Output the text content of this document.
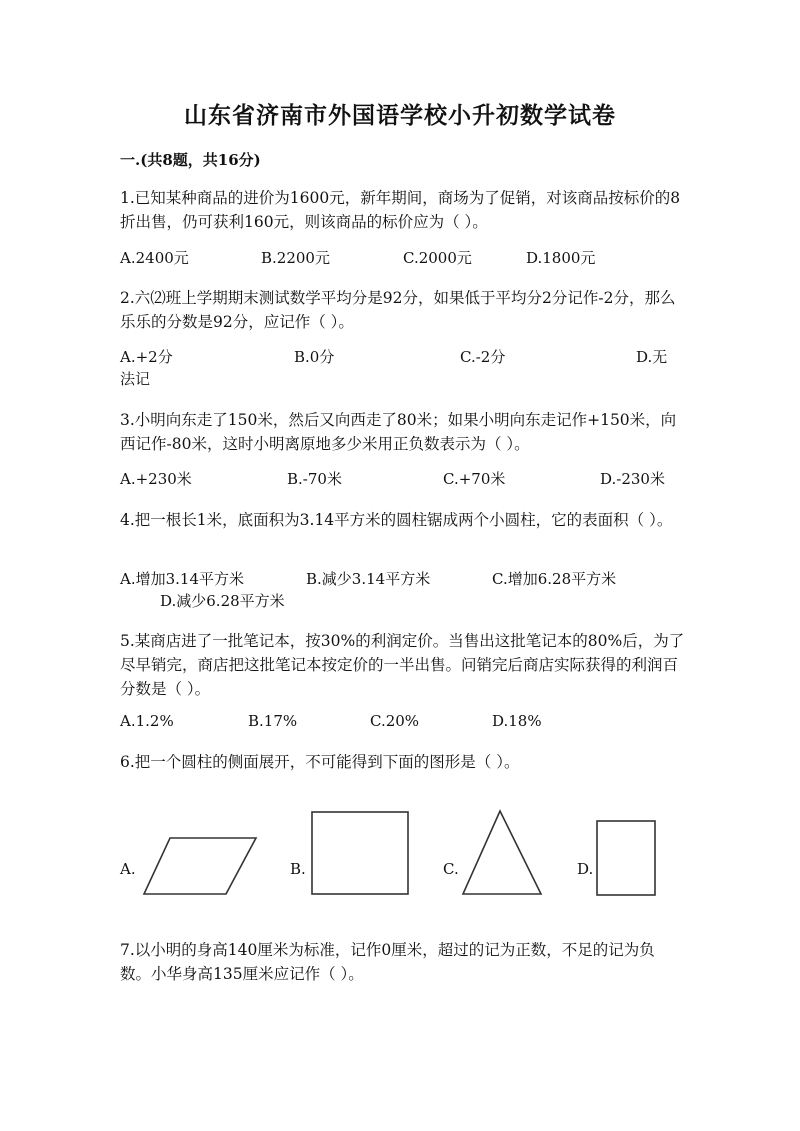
山东省济南市外国语学校小升初数学试卷
一.(共8题，共16分)
1.已知某种商品的进价为1600元，新年期间，商场为了促销，对该商品按标价的8折出售，仍可获利160元，则该商品的标价应为（ ）。
A.2400元	B.2200元	C.2000元	D.1800元
2.六⑵班上学期期末测试数学平均分是92分，如果低于平均分2分记作-2分，那么乐乐的分数是92分，应记作（ ）。
A.+2分	B.0分	C.-2分	D.无
法记
3.小明向东走了150米，然后又向西走了80米；如果小明向东走记作+150米，向西记作-80米，这时小明离原地多少米用正负数表示为（ ）。
A.+230米	B.-70米	C.+70米	D.-230米
4.把一根长1米，底面积为3.14平方米的圆柱锯成两个小圆柱，它的表面积（ ）。
A.增加3.14平方米	B.减少3.14平方米	C.增加6.28平方米
D.减少6.28平方米
5.某商店进了一批笔记本，按30%的利润定价。当售出这批笔记本的80%后，为了尽早销完，商店把这批笔记本按定价的一半出售。问销完后商店实际获得的利润百分数是（ ）。
A.1.2%	B.17%	C.20%	D.18%
6.把一个圆柱的侧面展开，不可能得到下面的图形是（ ）。
A.	B.	C.	D.
7.以小明的身高140厘米为标准，记作0厘米，超过的记为正数，不足的记为负数。小华身高135厘米应记作（ ）。
